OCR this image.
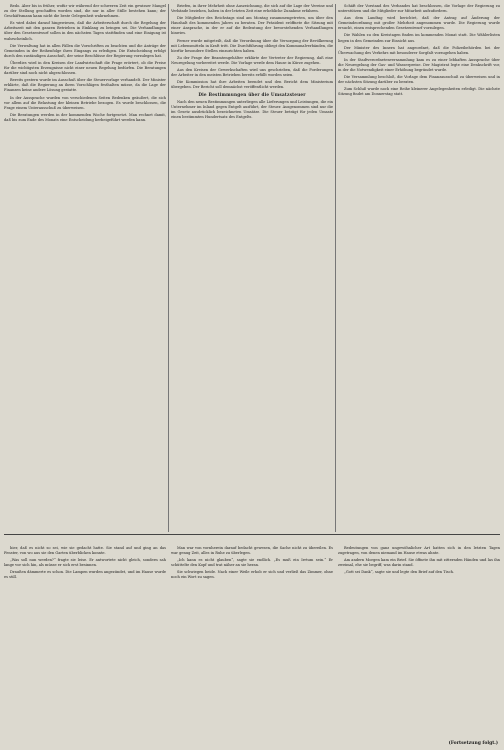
Bedo. Aber bis in früher, wofür wir während der schweren Zeit ein gewisser Mangel zu der Stellung geschaffen worden sind, die nur in aller Stille bestehen kann; der Geschäftsmann kann nicht die beste Gelegenheit wahrnehmen.

Es wird dabei darauf hingewiesen, daß die Arbeiterschaft durch die Regelung der Arbeitszeit mit den ganzen Betrieben in Einklang zu bringen sei. Die Verhandlungen über den Gesetzentwurf sollen in den nächsten Tagen stattfinden und eine Einigung ist wahrscheinlich.

Die Verwaltung hat in allen Fällen die Vorschriften zu beachten und die Anträge der Gemeinden in der Reihenfolge ihres Eingangs zu erledigen. Die Entscheidung erfolgt durch den zuständigen Ausschuß, der seine Beschlüsse der Regierung vorzulegen hat.

Überdies wird in den Kreisen der Landwirtschaft die Frage erörtert, ob die Preise für die wichtigsten Erzeugnisse nicht einer neuen Regelung bedürfen. Die Beratungen darüber sind noch nicht abgeschlossen.

Bereits gestern wurde im Ausschuß über die Steuervorlage verhandelt. Der Minister erklärte, daß die Regierung an ihren Vorschlägen festhalten müsse, da die Lage der Finanzen keine andere Lösung gestatte.

In der Aussprache wurden von verschiedenen Seiten Bedenken geäußert, die sich vor allem auf die Belastung der kleinen Betriebe bezogen. Es wurde beschlossen, die Frage einem Unterausschuß zu überweisen.

Die Beratungen werden in der kommenden Woche fortgesetzt. Man rechnet damit, daß bis zum Ende des Monats eine Entscheidung herbeigeführt werden kann.

Briefen, in ihrer Mehrheit ohne Auszeichnung, die sich auf die Lage der Vereine und Verbände beziehen, haben in der letzten Zeit eine erhebliche Zunahme erfahren.

Die Mitglieder des Reichstags sind am Montag zusammengetreten, um über den Haushalt des kommenden Jahres zu beraten. Der Präsident eröffnete die Sitzung mit einer Ansprache, in der er auf die Bedeutung der bevorstehenden Verhandlungen hinwies.

Ferner wurde mitgeteilt, daß die Verordnung über die Versorgung der Bevölkerung mit Lebensmitteln in Kraft tritt. Die Durchführung obliegt den Kommunalverbänden, die hierfür besondere Stellen einzurichten haben.

Zu der Frage der Beamtengehälter erklärte der Vertreter der Regierung, daß eine Neuregelung vorbereitet werde. Die Vorlage werde dem Hause in Kürze zugehen.

Aus den Kreisen der Gewerkschaften wird uns geschrieben, daß die Forderungen der Arbeiter in den meisten Betrieben bereits erfüllt worden seien.

Die Kommission hat ihre Arbeiten beendet und den Bericht dem Ministerium übergeben. Der Bericht soll demnächst veröffentlicht werden.

Die Bestimmungen über die Umsatzsteuer

Nach den neuen Bestimmungen unterliegen alle Lieferungen und Leistungen, die ein Unternehmer im Inland gegen Entgelt ausführt, der Steuer. Ausgenommen sind nur die im Gesetz ausdrücklich bezeichneten Umsätze. Die Steuer beträgt für jeden Umsatz einen bestimmten Hundertsatz des Entgelts.

Schäft der Vorstand des Verbandes hat beschlossen, die Vorlage der Regierung zu unterstützen und die Mitglieder zur Mitarbeit aufzufordern.

Aus dem Landtag wird berichtet, daß der Antrag auf Änderung der Gemeindeordnung mit großer Mehrheit angenommen wurde. Die Regierung wurde ersucht, einen entsprechenden Gesetzentwurf vorzulegen.

Die Wahlen zu den Kreistagen finden im kommenden Monat statt. Die Wählerlisten liegen in den Gemeinden zur Einsicht aus.

Der Minister des Innern hat angeordnet, daß die Polizeibehörden bei der Überwachung des Verkehrs mit besonderer Sorgfalt vorzugehen haben.

In der Stadtverordnetenversammlung kam es zu einer lebhaften Aussprache über die Neuregelung der Gas- und Wasserpreise. Der Magistrat legte eine Denkschrift vor, in der die Notwendigkeit einer Erhöhung begründet wurde.

Die Versammlung beschloß, die Vorlage dem Finanzausschuß zu überweisen und in der nächsten Sitzung darüber zu beraten.

Zum Schluß wurde noch eine Reihe kleinerer Angelegenheiten erledigt. Die nächste Sitzung findet am Donnerstag statt.

hier, daß es nicht so sei, wie sie gedacht hatte. Sie stand auf und ging an das Fenster, von wo aus sie den Garten überblicken konnte.

„Was soll nun werden?“ fragte sie leise. Er antwortete nicht gleich, sondern sah lange vor sich hin, als müsse er sich erst besinnen.

Draußen dämmerte es schon. Die Lampen wurden angezündet, und im Hause wurde es still.

Man war von vornherein darauf bedacht gewesen, die Sache nicht zu übereilen. Es war genug Zeit, alles in Ruhe zu überlegen.

„Ich kann es nicht glauben“, sagte sie endlich. „Es muß ein Irrtum sein.“ Er schüttelte den Kopf und trat näher an sie heran.

Sie schwiegen beide. Nach einer Weile erhob er sich und verließ das Zimmer, ohne noch ein Wort zu sagen.

Bedeutungen von ganz ungewöhnlicher Art hatten sich in den letzten Tagen zugetragen, von denen niemand im Hause etwas ahnte.

Am andern Morgen kam ein Brief. Sie öffnete ihn mit zitternden Händen und las ihn zweimal, ehe sie begriff, was darin stand.

„Gott sei Dank“, sagte sie und legte den Brief auf den Tisch.

(Fortsetzung folgt.)
